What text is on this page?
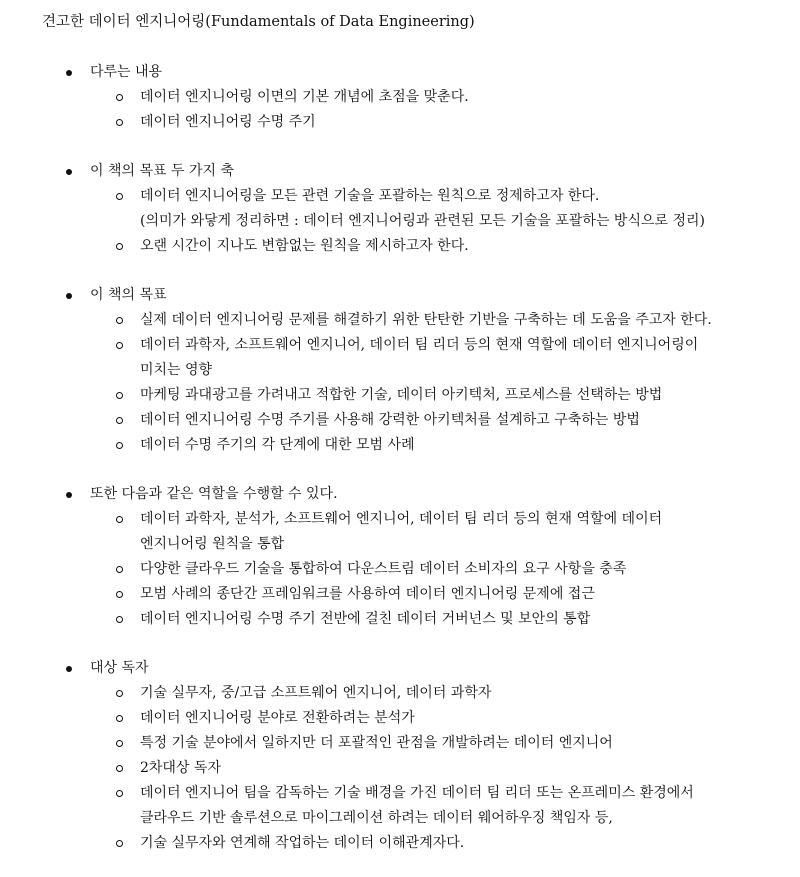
견고한 데이터 엔지니어링(Fundamentals of Data Engineering)
다루는 내용
데이터 엔지니어링 이면의 기본 개념에 초점을 맞춘다.
데이터 엔지니어링 수명 주기
이 책의 목표 두 가지 축
데이터 엔지니어링을 모든 관련 기술을 포괄하는 원칙으로 정제하고자 한다.
(의미가 와닿게 정리하면 : 데이터 엔지니어링과 관련된 모든 기술을 포괄하는 방식으로 정리)
오랜 시간이 지나도 변함없는 원칙을 제시하고자 한다.
이 책의 목표
실제 데이터 엔지니어링 문제를 해결하기 위한 탄탄한 기반을 구축하는 데 도움을 주고자 한다.
데이터 과학자, 소프트웨어 엔지니어, 데이터 팀 리더 등의 현재 역할에 데이터 엔지니어링이
미치는 영향
마케팅 과대광고를 가려내고 적합한 기술, 데이터 아키텍처, 프로세스를 선택하는 방법
데이터 엔지니어링 수명 주기를 사용해 강력한 아키텍처를 설계하고 구축하는 방법
데이터 수명 주기의 각 단계에 대한 모범 사례
또한 다음과 같은 역할을 수행할 수 있다.
데이터 과학자, 분석가, 소프트웨어 엔지니어, 데이터 팀 리더 등의 현재 역할에 데이터
엔지니어링 원칙을 통합
다양한 클라우드 기술을 통합하여 다운스트림 데이터 소비자의 요구 사항을 충족
모범 사례의 종단간 프레임워크를 사용하여 데이터 엔지니어링 문제에 접근
데이터 엔지니어링 수명 주기 전반에 걸친 데이터 거버넌스 및 보안의 통합
대상 독자
기술 실무자, 중/고급 소프트웨어 엔지니어, 데이터 과학자
데이터 엔지니어링 분야로 전환하려는 분석가
특정 기술 분야에서 일하지만 더 포괄적인 관점을 개발하려는 데이터 엔지니어
2차대상 독자
데이터 엔지니어 팀을 감독하는 기술 배경을 가진 데이터 팀 리더 또는 온프레미스 환경에서
클라우드 기반 솔루션으로 마이그레이션 하려는 데이터 웨어하우징 책임자 등,
기술 실무자와 연계해 작업하는 데이터 이해관계자다.
